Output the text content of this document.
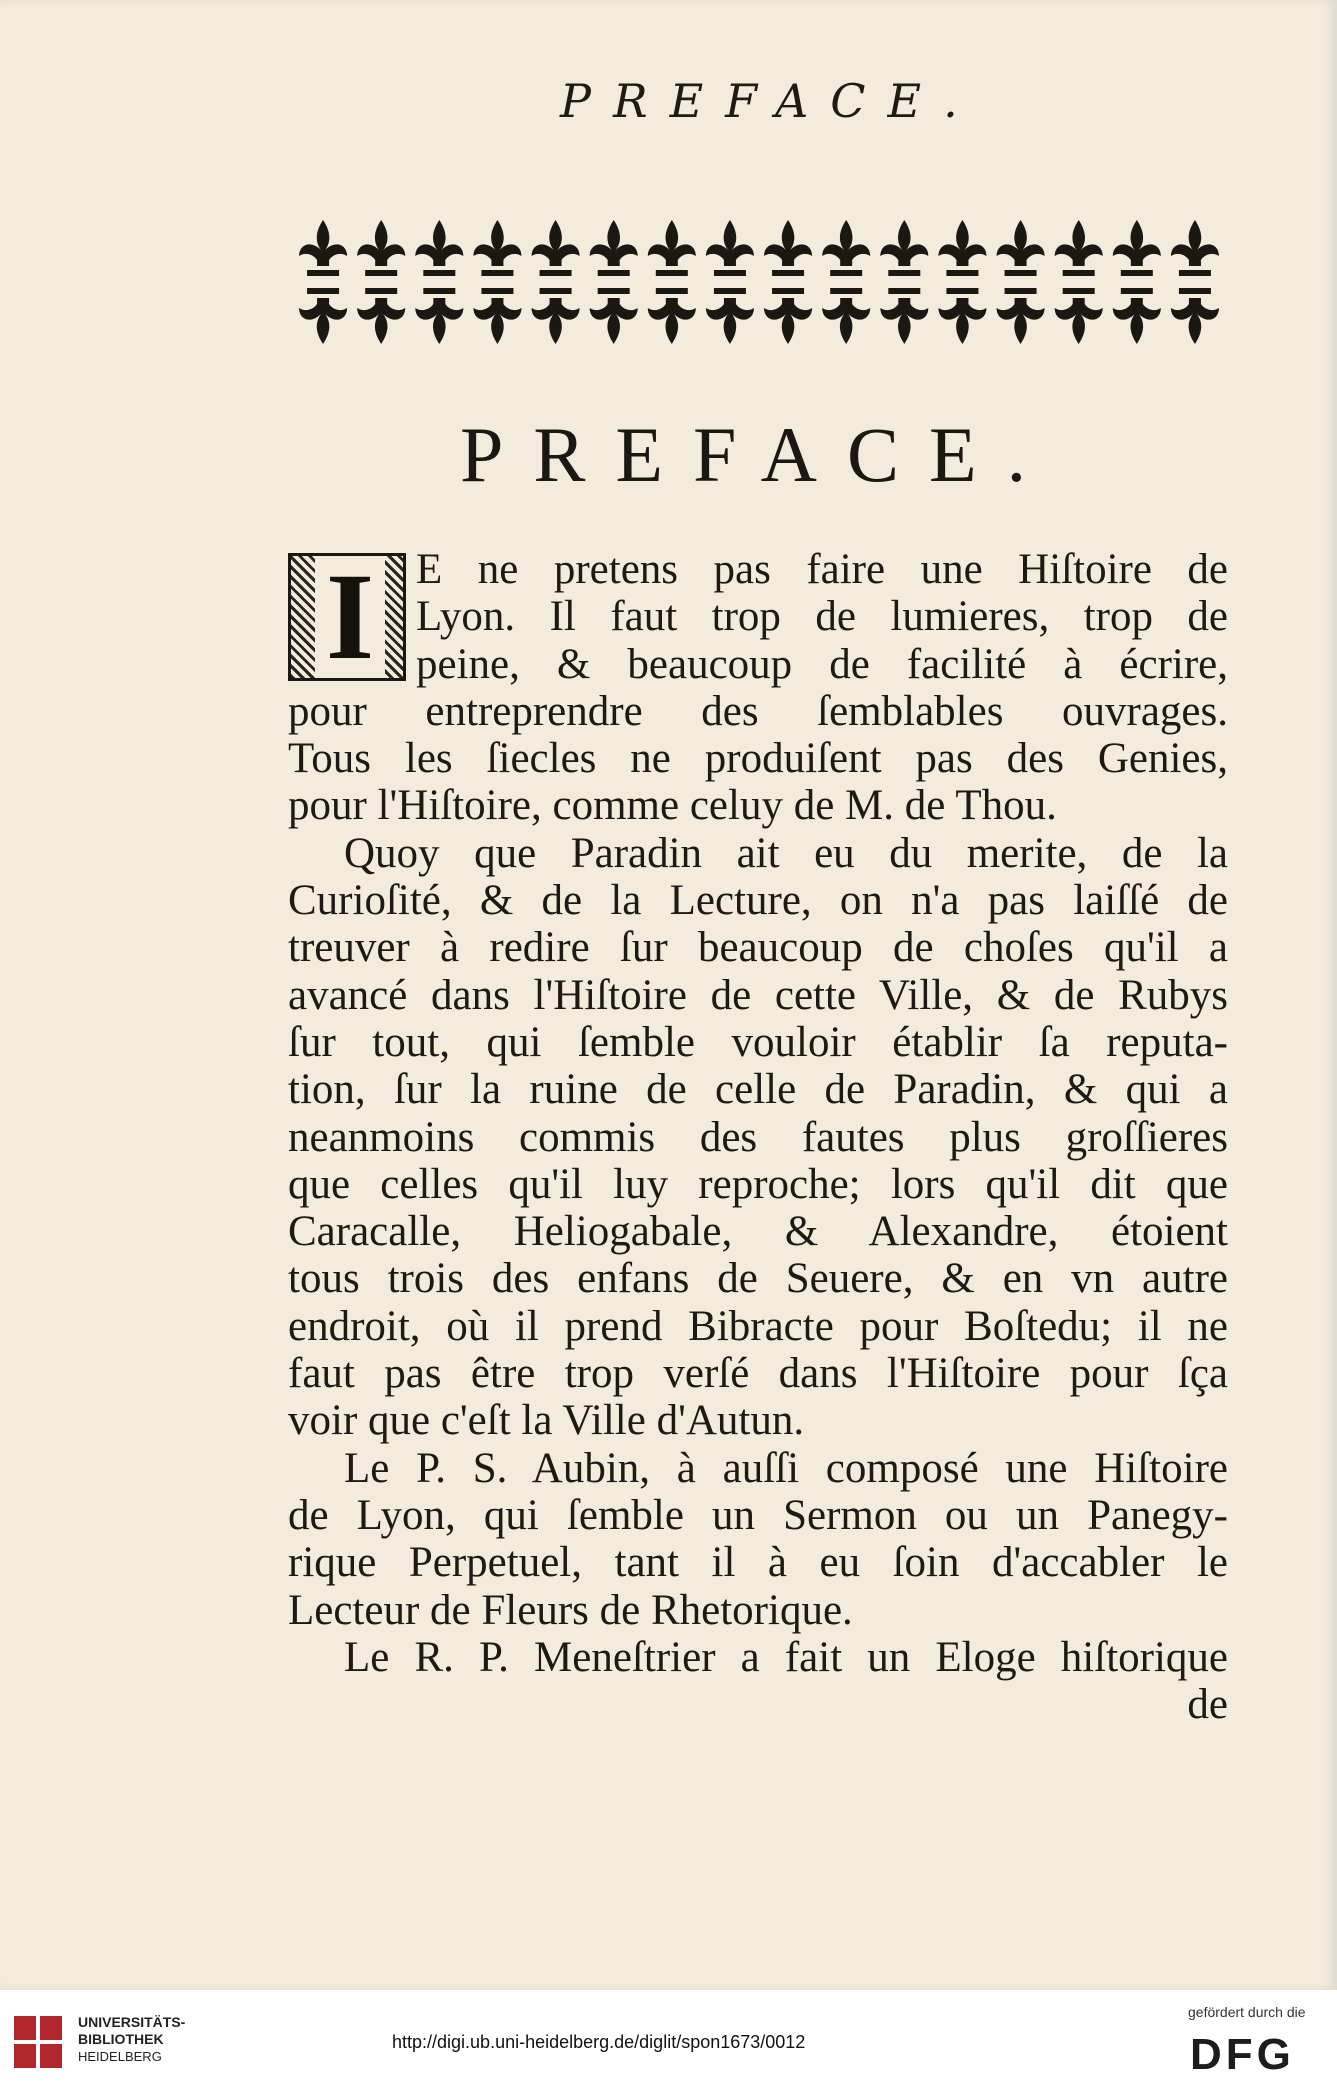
PREFACE.
PREFACE.
I E ne pretens pas faire une Hiſtoire de
Lyon. Il faut trop de lumieres, trop de
peine, & beaucoup de facilité à écrire,
pour entreprendre des ſemblables ouvrages.
Tous les ſiecles ne produiſent pas des Genies,
pour l'Hiſtoire, comme celuy de M. de Thou.
Quoy que Paradin ait eu du merite, de la
Curioſité, & de la Lecture, on n'a pas laiſſé de
treuver à redire ſur beaucoup de choſes qu'il a
avancé dans l'Hiſtoire de cette Ville, & de Rubys
ſur tout, qui ſemble vouloir établir ſa reputa-
tion, ſur la ruine de celle de Paradin, & qui a
neanmoins commis des fautes plus groſſieres
que celles qu'il luy reproche; lors qu'il dit que
Caracalle, Heliogabale, & Alexandre, étoient
tous trois des enfans de Seuere, & en vn autre
endroit, où il prend Bibracte pour Boſtedu; il ne
faut pas être trop verſé dans l'Hiſtoire pour ſça
voir que c'eſt la Ville d'Autun.
Le P. S. Aubin, à auſſi composé une Hiſtoire
de Lyon, qui ſemble un Sermon ou un Panegy-
rique Perpetuel, tant il à eu ſoin d'accabler le
Lecteur de Fleurs de Rhetorique.
Le R. P. Meneſtrier a fait un Eloge hiſtorique
de
UNIVERSITÄTS-
BIBLIOTHEK
HEIDELBERG
http://digi.ub.uni-heidelberg.de/diglit/spon1673/0012
gefördert durch die
DFG
